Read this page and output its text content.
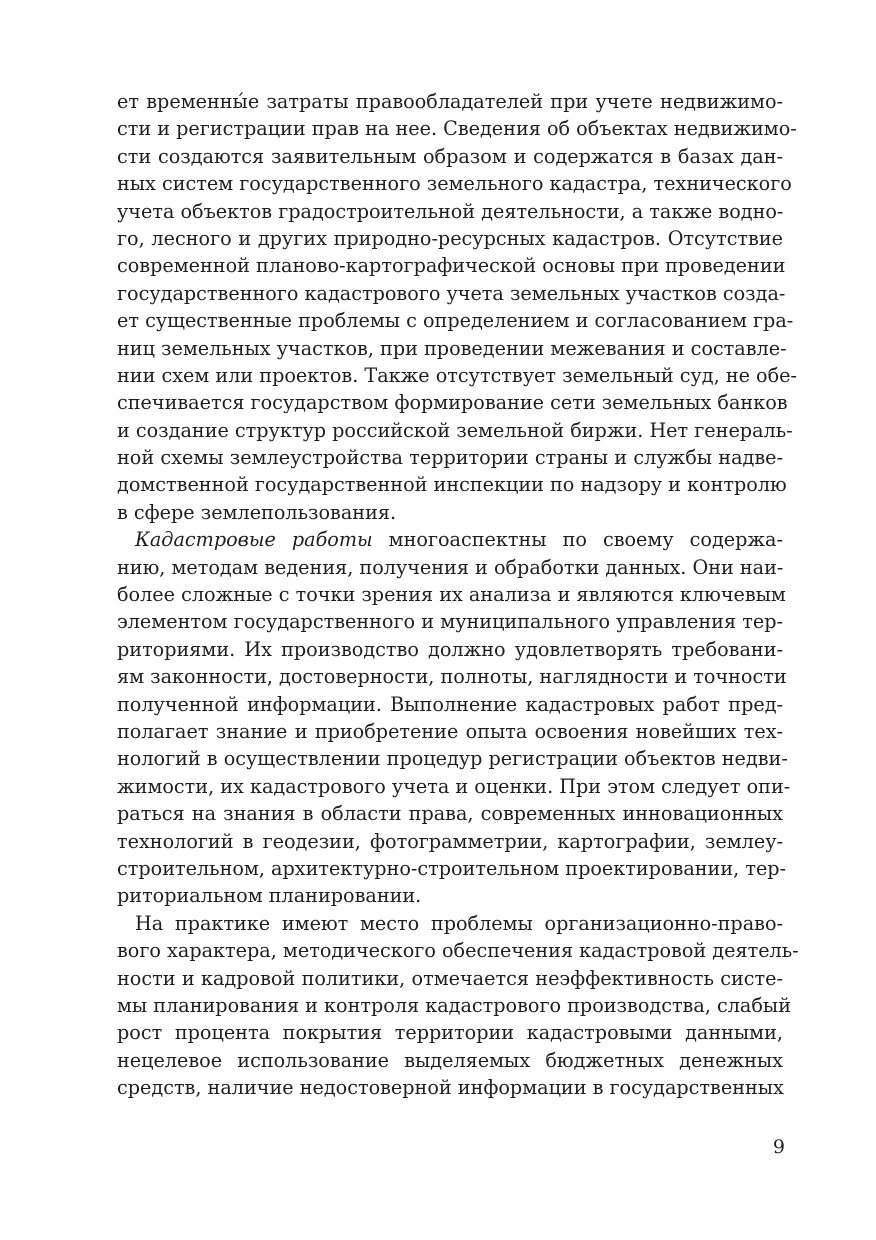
ет временны́е затраты правообладателей при учете недвижимо-
сти и регистрации прав на нее. Сведения об объектах недвижимо-
сти создаются заявительным образом и содержатся в базах дан-
ных систем государственного земельного кадастра, технического
учета объектов градостроительной деятельности, а также водно-
го, лесного и других природно-ресурсных кадастров. Отсутствие
современной планово-картографической основы при проведении
государственного кадастрового учета земельных участков созда-
ет существенные проблемы с определением и согласованием гра-
ниц земельных участков, при проведении межевания и составле-
нии схем или проектов. Также отсутствует земельный суд, не обе-
спечивается государством формирование сети земельных банков
и создание структур российской земельной биржи. Нет генераль-
ной схемы землеустройства территории страны и службы надве-
домственной государственной инспекции по надзору и контролю
в сфере землепользования.
Кадастровые работы многоаспектны по своему содержа-
нию, методам ведения, получения и обработки данных. Они наи-
более сложные с точки зрения их анализа и являются ключевым
элементом государственного и муниципального управления тер-
риториями. Их производство должно удовлетворять требовани-
ям законности, достоверности, полноты, наглядности и точности
полученной информации. Выполнение кадастровых работ пред-
полагает знание и приобретение опыта освоения новейших тех-
нологий в осуществлении процедур регистрации объектов недви-
жимости, их кадастрового учета и оценки. При этом следует опи-
раться на знания в области права, современных инновационных
технологий в геодезии, фотограмметрии, картографии, землеу-
строительном, архитектурно-строительном проектировании, тер-
риториальном планировании.
На практике имеют место проблемы организационно-право-
вого характера, методического обеспечения кадастровой деятель-
ности и кадровой политики, отмечается неэффективность систе-
мы планирования и контроля кадастрового производства, слабый
рост процента покрытия территории кадастровыми данными,
нецелевое использование выделяемых бюджетных денежных
средств, наличие недостоверной информации в государственных
9
